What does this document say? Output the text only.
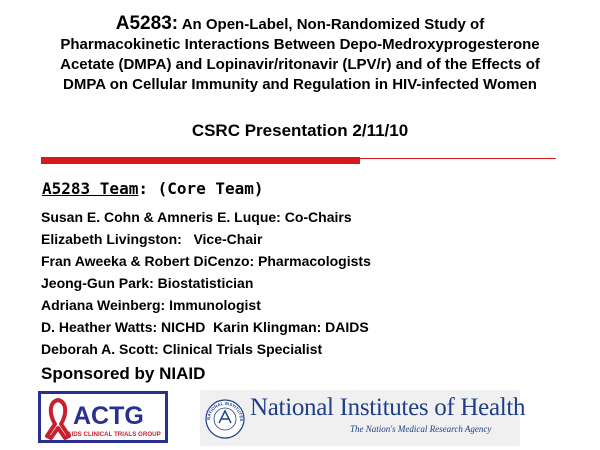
A5283: An Open-Label, Non-Randomized Study of
Pharmacokinetic Interactions Between Depo-Medroxyprogesterone
Acetate (DMPA) and Lopinavir/ritonavir (LPV/r) and of the Effects of
DMPA on Cellular Immunity and Regulation in HIV-infected Women
CSRC Presentation 2/11/10
A5283 Team: (Core Team)
Susan E. Cohn & Amneris E. Luque: Co-Chairs
Elizabeth Livingston:   Vice-Chair
Fran Aweeka & Robert DiCenzo: Pharmacologists
Jeong-Gun Park: Biostatistician
Adriana Weinberg: Immunologist
D. Heather Watts: NICHD  Karin Klingman: DAIDS
Deborah A. Scott: Clinical Trials Specialist
Sponsored by NIAID
ACTG
AIDS CLINICAL TRIALS GROUP
NATIONAL INSTITUTES National Institutes of Health
The Nation's Medical Research Agency
